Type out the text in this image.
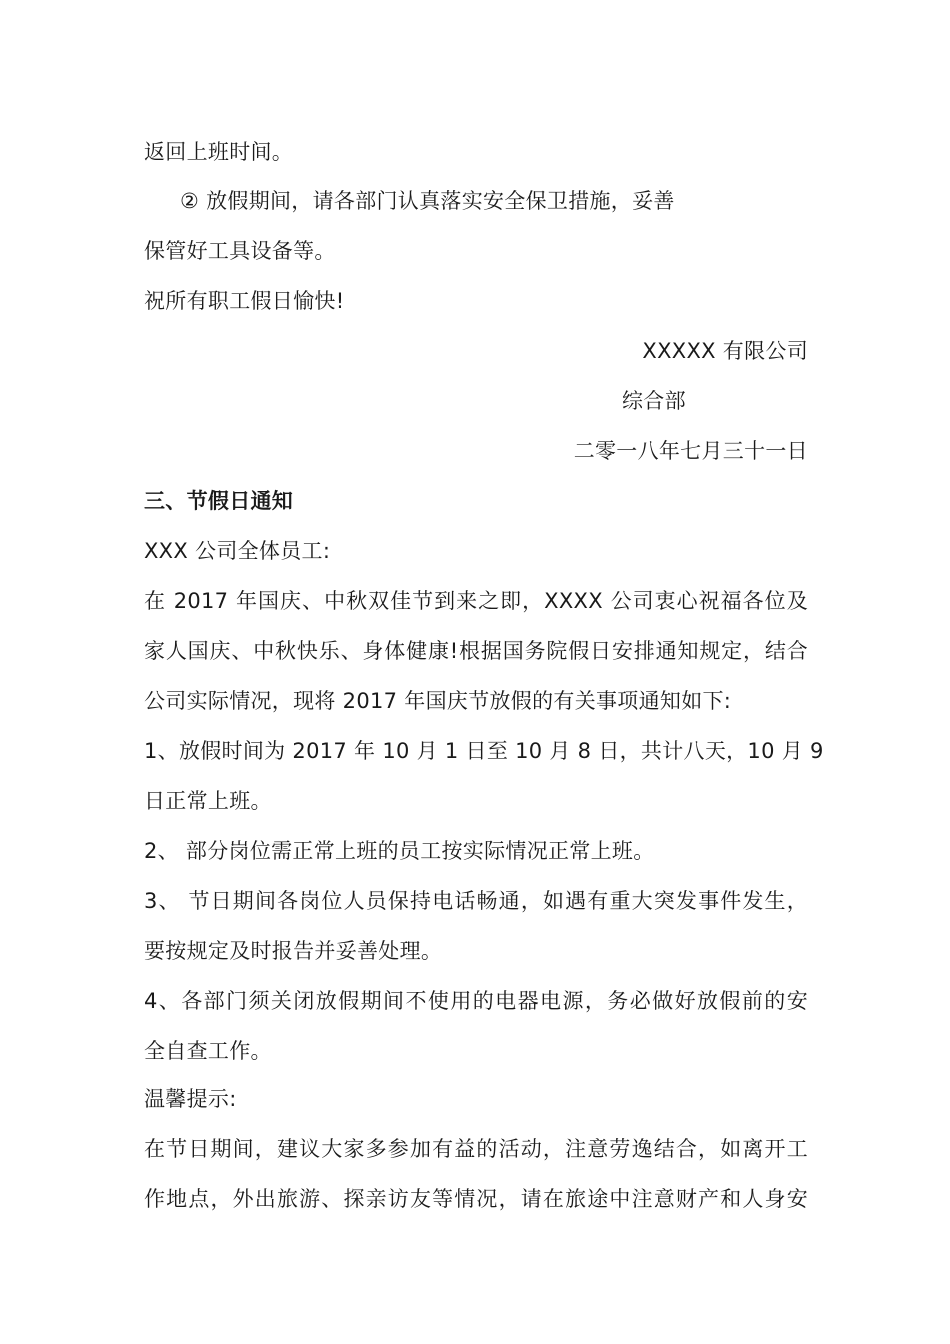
返回上班时间。
② 放假期间，请各部门认真落实安全保卫措施，妥善
保管好工具设备等。
祝所有职工假日愉快!
XXXXX 有限公司
综合部
二零一八年七月三十一日
三、节假日通知
XXX 公司全体员工:
在 2017 年国庆、中秋双佳节到来之即，XXXX 公司衷心祝福各位及
家人国庆、中秋快乐、身体健康!根据国务院假日安排通知规定，结合
公司实际情况，现将 2017 年国庆节放假的有关事项通知如下:
1、放假时间为 2017 年 10 月 1 日至 10 月 8 日，共计八天，10 月 9
日正常上班。
2、 部分岗位需正常上班的员工按实际情况正常上班。
3、 节日期间各岗位人员保持电话畅通，如遇有重大突发事件发生，
要按规定及时报告并妥善处理。
4、各部门须关闭放假期间不使用的电器电源，务必做好放假前的安
全自查工作。
温馨提示:
在节日期间，建议大家多参加有益的活动，注意劳逸结合，如离开工
作地点，外出旅游、探亲访友等情况，请在旅途中注意财产和人身安
